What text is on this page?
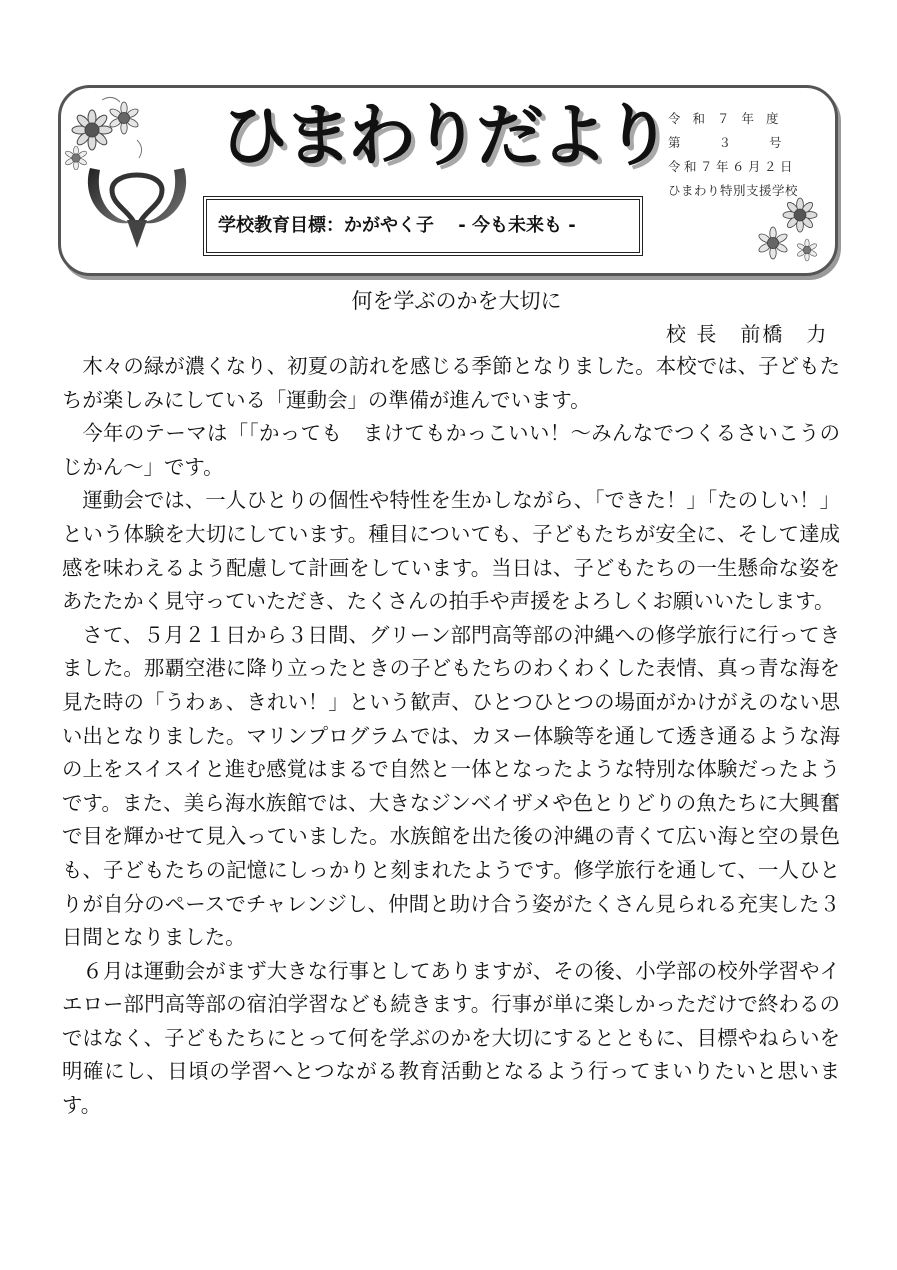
ひまわりだより
学校教育目標：かがやく子　 - 今も未来も -
令和７年度
第３号
令和７年６月２日
ひまわり特別支援学校
何を学ぶのかを大切に
校 長　前橋　力

木々の緑が濃くなり、初夏の訪れを感じる季節となりました。本校では、子どもたちが楽しみにしている「運動会」の準備が進んでいます。

今年のテーマは「「かっても　まけてもかっこいい！〜みんなでつくるさいこうのじかん〜」です。

運動会では、一人ひとりの個性や特性を生かしながら、「できた！」「たのしい！」という体験を大切にしています。種目についても、子どもたちが安全に、そして達成感を味わえるよう配慮して計画をしています。当日は、子どもたちの一生懸命な姿をあたたかく見守っていただき、たくさんの拍手や声援をよろしくお願いいたします。

さて、５月２１日から３日間、グリーン部門高等部の沖縄への修学旅行に行ってきました。那覇空港に降り立ったときの子どもたちのわくわくした表情、真っ青な海を見た時の「うわぁ、きれい！」という歓声、ひとつひとつの場面がかけがえのない思い出となりました。マリンプログラムでは、カヌー体験等を通して透き通るような海の上をスイスイと進む感覚はまるで自然と一体となったような特別な体験だったようです。また、美ら海水族館では、大きなジンベイザメや色とりどりの魚たちに大興奮で目を輝かせて見入っていました。水族館を出た後の沖縄の青くて広い海と空の景色も、子どもたちの記憶にしっかりと刻まれたようです。修学旅行を通して、一人ひとりが自分のペースでチャレンジし、仲間と助け合う姿がたくさん見られる充実した３日間となりました。

６月は運動会がまず大きな行事としてありますが、その後、小学部の校外学習やイエロー部門高等部の宿泊学習なども続きます。行事が単に楽しかっただけで終わるのではなく、子どもたちにとって何を学ぶのかを大切にするとともに、目標やねらいを明確にし、日頃の学習へとつながる教育活動となるよう行ってまいりたいと思います。
